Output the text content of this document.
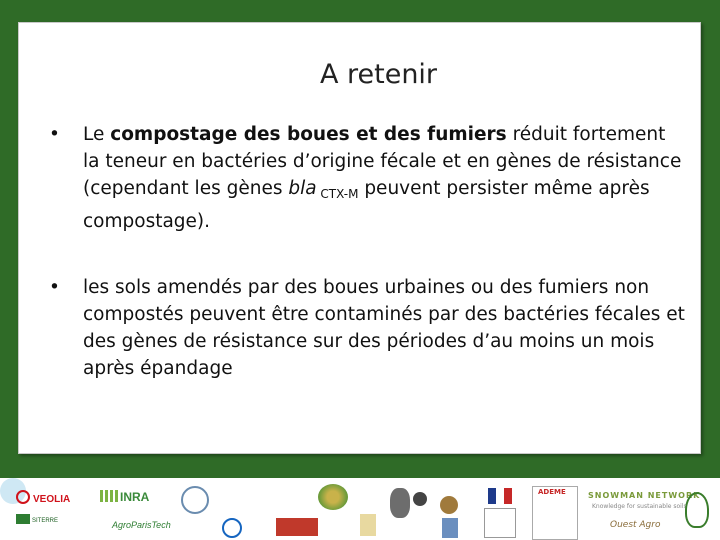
A retenir
• Le compostage des boues et des fumiers réduit fortement la teneur en bactéries d’origine fécale et en gènes de résistance (cependant les gènes bla $_{CTX-M}$ peuvent persister même après compostage).
• les sols amendés par des boues urbaines ou des fumiers non compostés peuvent être contaminés par des bactéries fécales et des gènes de résistance sur des périodes d’au moins un mois après épandage
VEOLIA
SITERRE
INRA
AgroParisTech
ADEME	SNOWMAN NETWORK
Knowledge for sustainable soils
Ouest Agro
